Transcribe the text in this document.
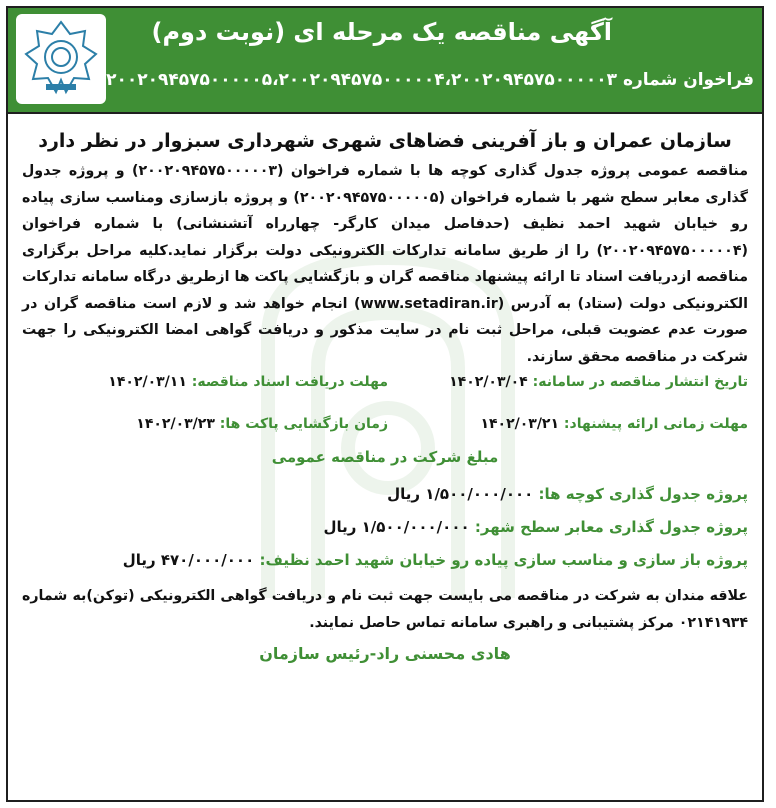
آگهی مناقصه یک مرحله ای (نوبت دوم)
فراخوان شماره ۲۰۰۲۰۹۴۵۷۵۰۰۰۰۰۵،۲۰۰۲۰۹۴۵۷۵۰۰۰۰۰۴،۲۰۰۲۰۹۴۵۷۵۰۰۰۰۰۳
سازمان عمران و باز آفرینی فضاهای شهری شهرداری سبزوار در نظر دارد
مناقصه عمومی پروژه جدول گذاری کوچه ها با شماره فراخوان (۲۰۰۲۰۹۴۵۷۵۰۰۰۰۰۳) و پروژه جدول گذاری معابر سطح شهر با شماره فراخوان (۲۰۰۲۰۹۴۵۷۵۰۰۰۰۰۵) و پروژه بازسازی ومناسب سازی پیاده رو خیابان شهید احمد نظیف (حدفاصل میدان کارگر- چهارراه آتشنشانی) با شماره فراخوان (۲۰۰۲۰۹۴۵۷۵۰۰۰۰۰۴) را از طریق سامانه تدارکات الکترونیکی دولت برگزار نماید.کلیه مراحل برگزاری مناقصه ازدریافت اسناد تا ارائه پیشنهاد مناقصه گران و بازگشایی پاکت ها ازطریق درگاه سامانه تدارکات الکترونیکی دولت (ستاد) به آدرس (www.setadiran.ir) انجام خواهد شد و لازم است مناقصه گران در صورت عدم عضویت قبلی، مراحل ثبت نام در سایت مذکور و دریافت گواهی امضا الکترونیکی را جهت شرکت در مناقصه محقق سازند.
تاریخ انتشار مناقصه در سامانه: ۱۴۰۲/۰۳/۰۴
مهلت دریافت اسناد مناقصه: ۱۴۰۲/۰۳/۱۱
مهلت زمانی ارائه پیشنهاد: ۱۴۰۲/۰۳/۲۱
زمان بازگشایی پاکت ها: ۱۴۰۲/۰۳/۲۳
مبلغ شرکت در مناقصه عمومی
پروژه جدول گذاری کوچه ها: ۱/۵۰۰/۰۰۰/۰۰۰ ریال
پروژه جدول گذاری معابر سطح شهر: ۱/۵۰۰/۰۰۰/۰۰۰ ریال
پروژه باز سازی و مناسب سازی پیاده رو خیابان شهید احمد نظیف: ۴۷۰/۰۰۰/۰۰۰ ریال
علاقه مندان به شرکت در مناقصه می بایست جهت ثبت نام و دریافت گواهی الکترونیکی (توکن)به شماره ۰۲۱۴۱۹۳۴ مرکز پشتیبانی و راهبری سامانه تماس حاصل نمایند.
هادی محسنی راد-رئیس سازمان
